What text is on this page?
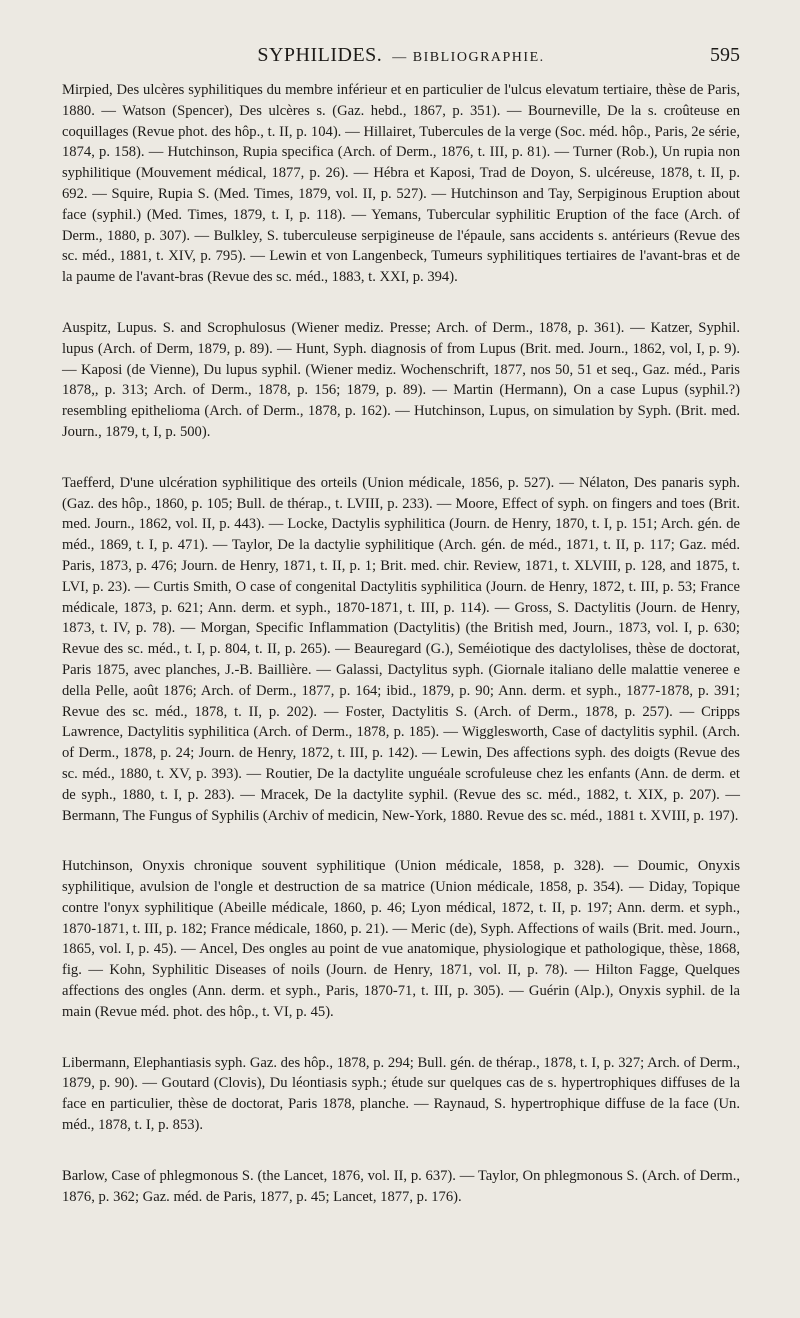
SYPHILIDES. — BIBLIOGRAPHIE.	595

Mirpied, Des ulcères syphilitiques du membre inférieur et en particulier de l'ulcus elevatum tertiaire, thèse de Paris, 1880. — Watson (Spencer), Des ulcères s. (Gaz. hebd., 1867, p. 351). — Bourneville, De la s. croûteuse en coquillages (Revue phot. des hôp., t. II, p. 104). — Hillairet, Tubercules de la verge (Soc. méd. hôp., Paris, 2e série, 1874, p. 158). — Hutchinson, Rupia specifica (Arch. of Derm., 1876, t. III, p. 81). — Turner (Rob.), Un rupia non syphilitique (Mouvement médical, 1877, p. 26). — Hébra et Kaposi, Trad de Doyon, S. ulcéreuse, 1878, t. II, p. 692. — Squire, Rupia S. (Med. Times, 1879, vol. II, p. 527). — Hutchinson and Tay, Serpiginous Eruption about face (syphil.) (Med. Times, 1879, t. I, p. 118). — Yemans, Tubercular syphilitic Eruption of the face (Arch. of Derm., 1880, p. 307). — Bulkley, S. tuberculeuse serpigineuse de l'épaule, sans accidents s. antérieurs (Revue des sc. méd., 1881, t. XIV, p. 795). — Lewin et von Langenbeck, Tumeurs syphilitiques tertiaires de l'avant-bras et de la paume de l'avant-bras (Revue des sc. méd., 1883, t. XXI, p. 394).

Auspitz, Lupus. S. and Scrophulosus (Wiener mediz. Presse; Arch. of Derm., 1878, p. 361). — Katzer, Syphil. lupus (Arch. of Derm, 1879, p. 89). — Hunt, Syph. diagnosis of from Lupus (Brit. med. Journ., 1862, vol, I, p. 9). — Kaposi (de Vienne), Du lupus syphil. (Wiener mediz. Wochenschrift, 1877, nos 50, 51 et seq., Gaz. méd., Paris 1878,, p. 313; Arch. of Derm., 1878, p. 156; 1879, p. 89). — Martin (Hermann), On a case Lupus (syphil.?) resembling epithelioma (Arch. of Derm., 1878, p. 162). — Hutchinson, Lupus, on simulation by Syph. (Brit. med. Journ., 1879, t, I, p. 500).

Taefferd, D'une ulcération syphilitique des orteils (Union médicale, 1856, p. 527). — Nélaton, Des panaris syph. (Gaz. des hôp., 1860, p. 105; Bull. de thérap., t. LVIII, p. 233). — Moore, Effect of syph. on fingers and toes (Brit. med. Journ., 1862, vol. II, p. 443). — Locke, Dactylis syphilitica (Journ. de Henry, 1870, t. I, p. 151; Arch. gén. de méd., 1869, t. I, p. 471). — Taylor, De la dactylie syphilitique (Arch. gén. de méd., 1871, t. II, p. 117; Gaz. méd. Paris, 1873, p. 476; Journ. de Henry, 1871, t. II, p. 1; Brit. med. chir. Review, 1871, t. XLVIII, p. 128, and 1875, t. LVI, p. 23). — Curtis Smith, O case of congenital Dactylitis syphilitica (Journ. de Henry, 1872, t. III, p. 53; France médicale, 1873, p. 621; Ann. derm. et syph., 1870-1871, t. III, p. 114). — Gross, S. Dactylitis (Journ. de Henry, 1873, t. IV, p. 78). — Morgan, Specific Inflammation (Dactylitis) (the British med, Journ., 1873, vol. I, p. 630; Revue des sc. méd., t. I, p. 804, t. II, p. 265). — Beauregard (G.), Seméiotique des dactylolises, thèse de doctorat, Paris 1875, avec planches, J.-B. Baillière. — Galassi, Dactylitus syph. (Giornale italiano delle malattie veneree e della Pelle, août 1876; Arch. of Derm., 1877, p. 164; ibid., 1879, p. 90; Ann. derm. et syph., 1877-1878, p. 391; Revue des sc. méd., 1878, t. II, p. 202). — Foster, Dactylitis S. (Arch. of Derm., 1878, p. 257). — Cripps Lawrence, Dactylitis syphilitica (Arch. of Derm., 1878, p. 185). — Wigglesworth, Case of dactylitis syphil. (Arch. of Derm., 1878, p. 24; Journ. de Henry, 1872, t. III, p. 142). — Lewin, Des affections syph. des doigts (Revue des sc. méd., 1880, t. XV, p. 393). — Routier, De la dactylite unguéale scrofuleuse chez les enfants (Ann. de derm. et de syph., 1880, t. I, p. 283). — Mracek, De la dactylite syphil. (Revue des sc. méd., 1882, t. XIX, p. 207). — Bermann, The Fungus of Syphilis (Archiv of medicin, New-York, 1880. Revue des sc. méd., 1881 t. XVIII, p. 197).

Hutchinson, Onyxis chronique souvent syphilitique (Union médicale, 1858, p. 328). — Doumic, Onyxis syphilitique, avulsion de l'ongle et destruction de sa matrice (Union médicale, 1858, p. 354). — Diday, Topique contre l'onyx syphilitique (Abeille médicale, 1860, p. 46; Lyon médical, 1872, t. II, p. 197; Ann. derm. et syph., 1870-1871, t. III, p. 182; France médicale, 1860, p. 21). — Meric (de), Syph. Affections of wails (Brit. med. Journ., 1865, vol. I, p. 45). — Ancel, Des ongles au point de vue anatomique, physiologique et pathologique, thèse, 1868, fig. — Kohn, Syphilitic Diseases of noils (Journ. de Henry, 1871, vol. II, p. 78). — Hilton Fagge, Quelques affections des ongles (Ann. derm. et syph., Paris, 1870-71, t. III, p. 305). — Guérin (Alp.), Onyxis syphil. de la main (Revue méd. phot. des hôp., t. VI, p. 45).

Libermann, Elephantiasis syph. Gaz. des hôp., 1878, p. 294; Bull. gén. de thérap., 1878, t. I, p. 327; Arch. of Derm., 1879, p. 90). — Goutard (Clovis), Du léontiasis syph.; étude sur quelques cas de s. hypertrophiques diffuses de la face en particulier, thèse de doctorat, Paris 1878, planche. — Raynaud, S. hypertrophique diffuse de la face (Un. méd., 1878, t. I, p. 853).

Barlow, Case of phlegmonous S. (the Lancet, 1876, vol. II, p. 637). — Taylor, On phlegmonous S. (Arch. of Derm., 1876, p. 362; Gaz. méd. de Paris, 1877, p. 45; Lancet, 1877, p. 176).
